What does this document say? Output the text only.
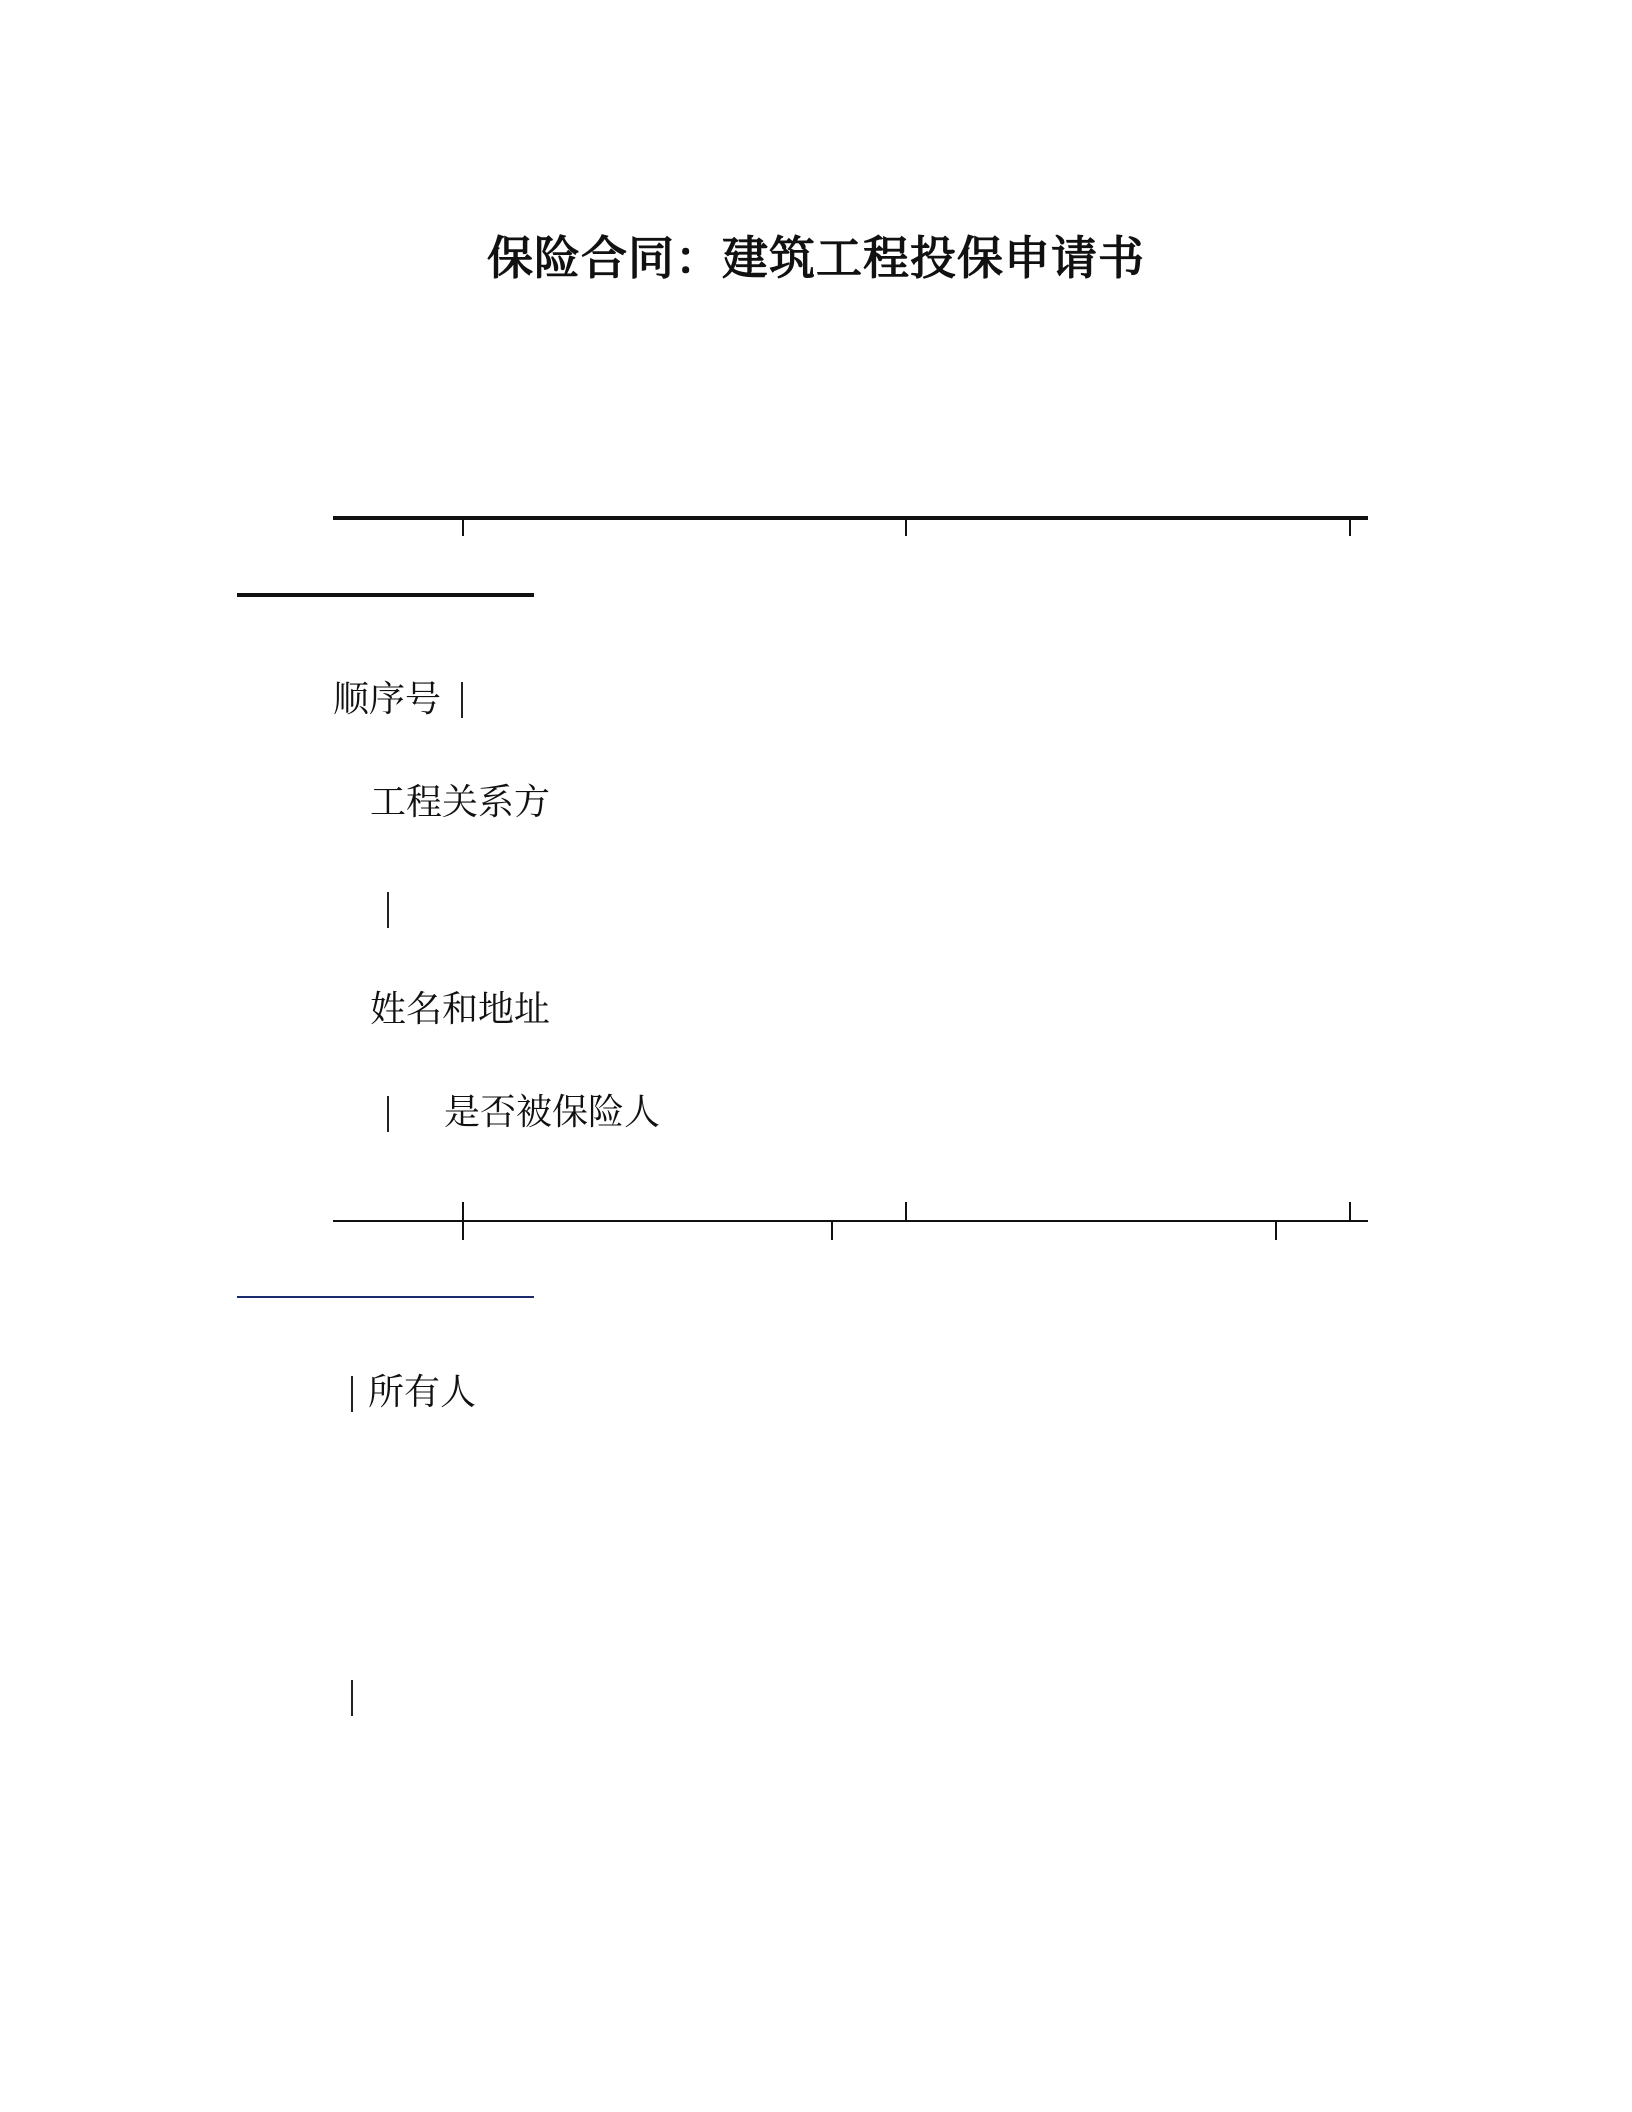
保险合同：建筑工程投保申请书
顺序号
工程关系方
姓名和地址
是否被保险人
所有人
